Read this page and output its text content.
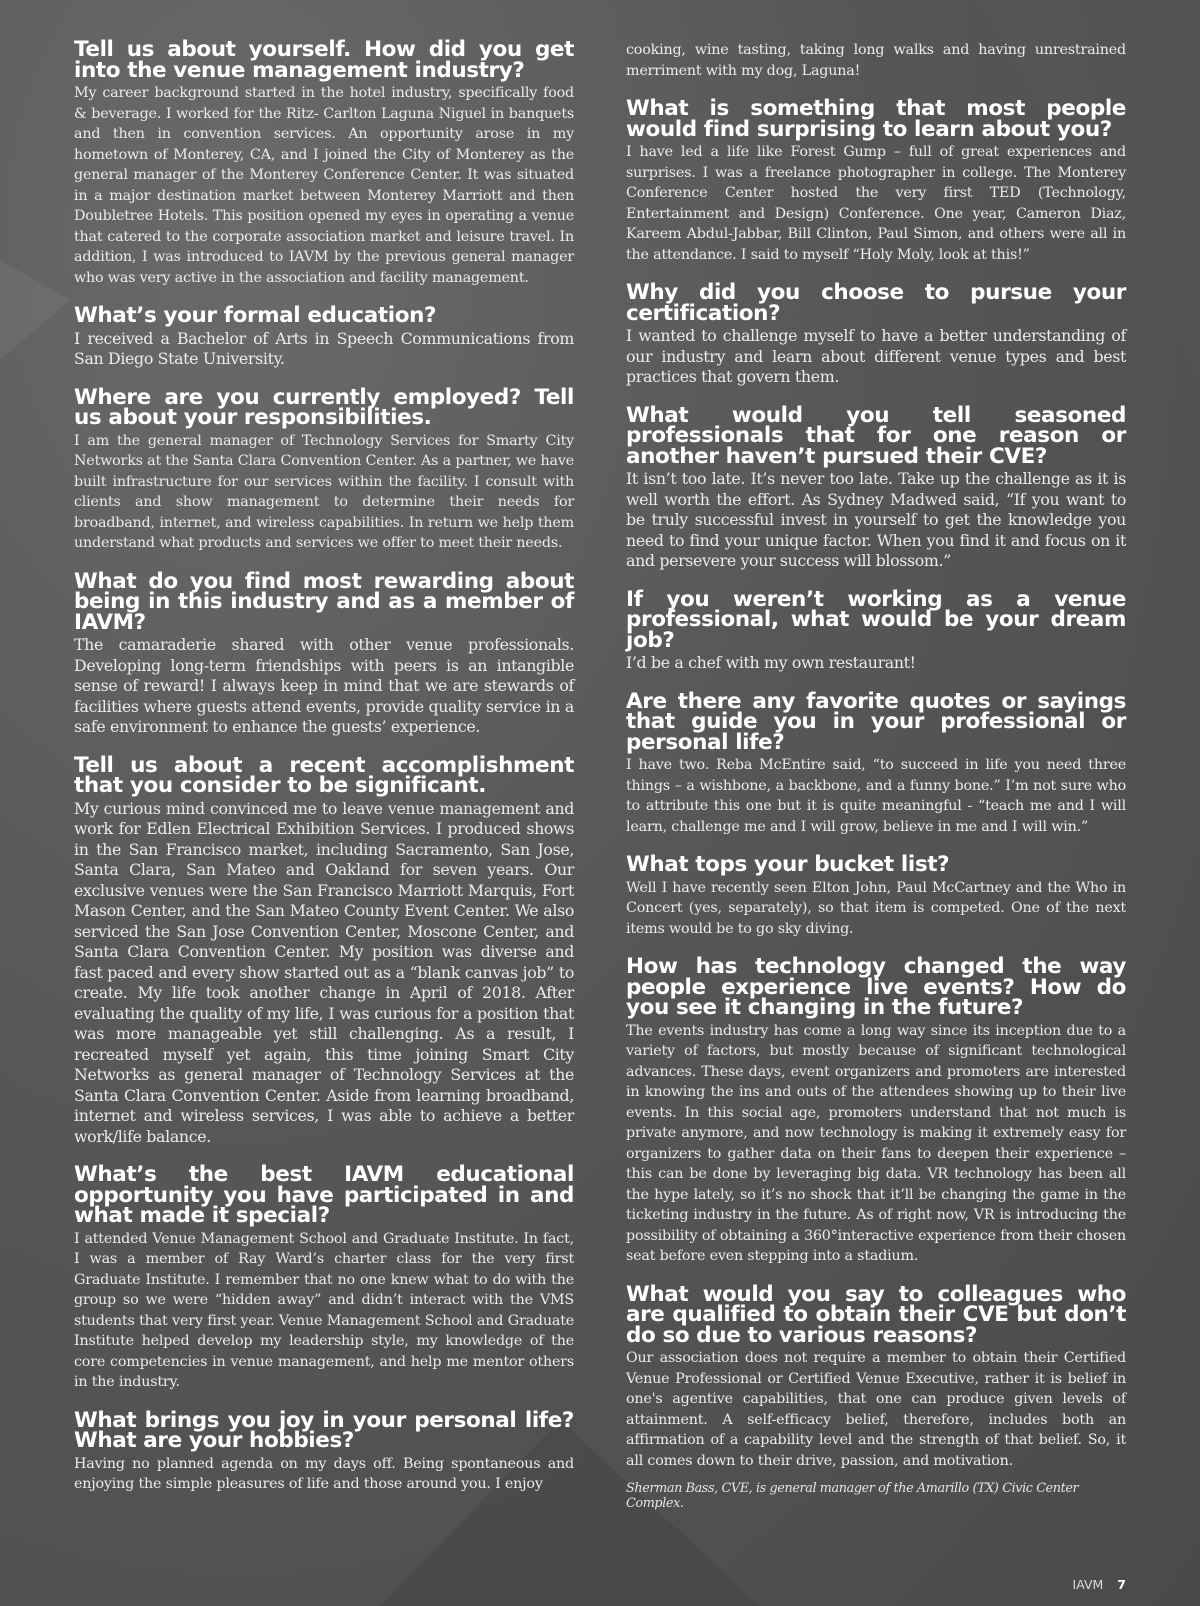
Tell us about yourself. How did you get into the venue management industry?

My career background started in the hotel industry, specifically food & beverage. I worked for the Ritz- Carlton Laguna Niguel in banquets and then in convention services. An opportunity arose in my hometown of Monterey, CA, and I joined the City of Monterey as the general manager of the Monterey Conference Center. It was situated in a major destination market between Monterey Marriott and then Doubletree Hotels. This position opened my eyes in operating a venue that catered to the corporate association market and leisure travel. In addition, I was introduced to IAVM by the previous general manager who was very active in the association and facility management.

What’s your formal education?

I received a Bachelor of Arts in Speech Communications from San Diego State University.

Where are you currently employed? Tell us about your responsibilities.

I am the general manager of Technology Services for Smarty City Networks at the Santa Clara Convention Center. As a partner, we have built infrastructure for our services within the facility. I consult with clients and show management to determine their needs for broadband, internet, and wireless capabilities. In return we help them understand what products and services we offer to meet their needs.

What do you find most rewarding about being in this industry and as a member of IAVM?

The camaraderie shared with other venue professionals. Developing long-term friendships with peers is an intangible sense of reward! I always keep in mind that we are stewards of facilities where guests attend events, provide quality service in a safe environment to enhance the guests’ experience.

Tell us about a recent accomplishment that you consider to be significant.

My curious mind convinced me to leave venue management and work for Edlen Electrical Exhibition Services. I produced shows in the San Francisco market, including Sacramento, San Jose, Santa Clara, San Mateo and Oakland for seven years. Our exclusive venues were the San Francisco Marriott Marquis, Fort Mason Center, and the San Mateo County Event Center. We also serviced the San Jose Convention Center, Moscone Center, and Santa Clara Convention Center. My position was diverse and fast paced and every show started out as a “blank canvas job” to create. My life took another change in April of 2018. After evaluating the quality of my life, I was curious for a position that was more manageable yet still challenging. As a result, I recreated myself yet again, this time joining Smart City Networks as general manager of Technology Services at the Santa Clara Convention Center. Aside from learning broadband, internet and wireless services, I was able to achieve a better work/life balance.

What’s the best IAVM educational opportunity you have participated in and what made it special?

I attended Venue Management School and Graduate Institute. In fact, I was a member of Ray Ward’s charter class for the very first Graduate Institute. I remember that no one knew what to do with the group so we were “hidden away” and didn’t interact with the VMS students that very first year. Venue Management School and Graduate Institute helped develop my leadership style, my knowledge of the core competencies in venue management, and help me mentor others in the industry.

What brings you joy in your personal life? What are your hobbies?

Having no planned agenda on my days off. Being spontaneous and enjoying the simple pleasures of life and those around you. I enjoy

cooking, wine tasting, taking long walks and having unrestrained merriment with my dog, Laguna!

What is something that most people would find surprising to learn about you?

I have led a life like Forest Gump – full of great experiences and surprises. I was a freelance photographer in college. The Monterey Conference Center hosted the very first TED (Technology, Entertainment and Design) Conference. One year, Cameron Diaz, Kareem Abdul-Jabbar, Bill Clinton, Paul Simon, and others were all in the attendance. I said to myself “Holy Moly, look at this!”

Why did you choose to pursue your certification?

I wanted to challenge myself to have a better understanding of our industry and learn about different venue types and best practices that govern them.

What would you tell seasoned professionals that for one reason or another haven’t pursued their CVE?

It isn’t too late. It’s never too late. Take up the challenge as it is well worth the effort. As Sydney Madwed said, “If you want to be truly successful invest in yourself to get the knowledge you need to find your unique factor. When you find it and focus on it and persevere your success will blossom.”

If you weren’t working as a venue professional, what would be your dream job?

I’d be a chef with my own restaurant!

Are there any favorite quotes or sayings that guide you in your professional or personal life?

I have two. Reba McEntire said, “to succeed in life you need three things – a wishbone, a backbone, and a funny bone.” I’m not sure who to attribute this one but it is quite meaningful - “teach me and I will learn, challenge me and I will grow, believe in me and I will win.”

What tops your bucket list?

Well I have recently seen Elton John, Paul McCartney and the Who in Concert (yes, separately), so that item is competed. One of the next items would be to go sky diving.

How has technology changed the way people experience live events? How do you see it changing in the future?

The events industry has come a long way since its inception due to a variety of factors, but mostly because of significant technological advances. These days, event organizers and promoters are interested in knowing the ins and outs of the attendees showing up to their live events. In this social age, promoters understand that not much is private anymore, and now technology is making it extremely easy for organizers to gather data on their fans to deepen their experience – this can be done by leveraging big data. VR technology has been all the hype lately, so it’s no shock that it’ll be changing the game in the ticketing industry in the future. As of right now, VR is introducing the possibility of obtaining a 360°interactive experience from their chosen seat before even stepping into a stadium.

What would you say to colleagues who are qualified to obtain their CVE but don’t do so due to various reasons?

Our association does not require a member to obtain their Certified Venue Professional or Certified Venue Executive, rather it is belief in one's agentive capabilities, that one can produce given levels of attainment. A self-efficacy belief, therefore, includes both an affirmation of a capability level and the strength of that belief. So, it all comes down to their drive, passion, and motivation.

Sherman Bass, CVE, is general manager of the Amarillo (TX) Civic Center Complex.

IAVM 7
